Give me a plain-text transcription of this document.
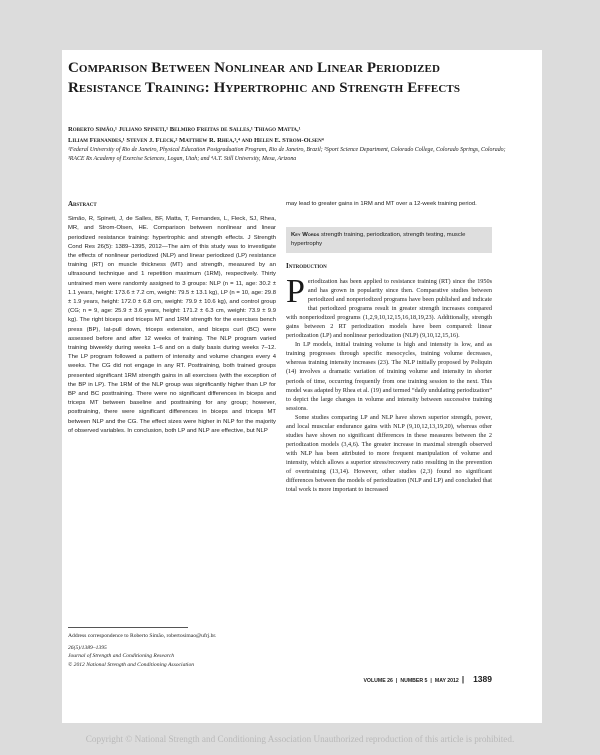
Comparison Between Nonlinear and Linear Periodized Resistance Training: Hypertrophic and Strength Effects
Roberto Simão,¹ Juliano Spineti,¹ Belmiro Freitas de Salles,¹ Thiago Matta,¹
Liliam Fernandes,¹ Steven J. Fleck,² Matthew R. Rhea,³,⁴ and Helen E. Strom-Olsen⁴
¹Federal University of Rio de Janeiro, Physical Education Postgraduation Program, Rio de Janeiro, Brazil; ²Sport Science Department, Colorado College, Colorado Springs, Colorado; ³RACE Rx Academy of Exercise Sciences, Logan, Utah; and ⁴A.T. Still University, Mesa, Arizona
Abstract

Simão, R, Spineti, J, de Salles, BF, Matta, T, Fernandes, L, Fleck, SJ, Rhea, MR, and Strom-Olsen, HE. Comparison between nonlinear and linear periodized resistance training: hypertrophic and strength effects. J Strength Cond Res 26(5): 1389–1395, 2012—The aim of this study was to investigate the effects of nonlinear periodized (NLP) and linear periodized (LP) resistance training (RT) on muscle thickness (MT) and strength, measured by an ultrasound technique and 1 repetition maximum (1RM), respectively. Thirty untrained men were randomly assigned to 3 groups: NLP (n = 11, age: 30.2 ± 1.1 years, height: 173.6 ± 7.2 cm, weight: 79.5 ± 13.1 kg), LP (n = 10, age: 29.8 ± 1.9 years, height: 172.0 ± 6.8 cm, weight: 79.9 ± 10.6 kg), and control group (CG; n = 9, age: 25.9 ± 3.6 years, height: 171.2 ± 6.3 cm, weight: 73.9 ± 9.9 kg). The right biceps and triceps MT and 1RM strength for the exercises bench press (BP), lat-pull down, triceps extension, and biceps curl (BC) were assessed before and after 12 weeks of training. The NLP program varied training biweekly during weeks 1–6 and on a daily basis during weeks 7–12. The LP program followed a pattern of intensity and volume changes every 4 weeks. The CG did not engage in any RT. Posttraining, both trained groups presented significant 1RM strength gains in all exercises (with the exception of the BP in LP). The 1RM of the NLP group was significantly higher than LP for BP and BC posttraining. There were no significant differences in biceps and triceps MT between baseline and posttraining for any group; however, posttraining, there were significant differences in biceps and triceps MT between NLP and the CG. The effect sizes were higher in NLP for the majority of observed variables. In conclusion, both LP and NLP are effective, but NLP

may lead to greater gains in 1RM and MT over a 12-week training period.
Key Words strength training, periodization, strength testing, muscle hypertrophy
Introduction

Periodization has been applied to resistance training (RT) since the 1950s and has grown in popularity since then. Comparative studies between periodized and nonperiodized programs have been published and indicate that periodized programs result in greater strength increases compared with nonperiodized programs (1,2,9,10,12,15,16,18,19,23). Additionally, strength gains between 2 RT periodization models have been compared: linear periodization (LP) and nonlinear periodization (NLP) (9,10,12,15,16).

In LP models, initial training volume is high and intensity is low, and as training progresses through specific mesocycles, training volume decreases, whereas training intensity increases (23). The NLP initially proposed by Poliquin (14) involves a dramatic variation of training volume and intensity in shorter periods of time, occurring frequently from one training session to the next. This model was adapted by Rhea et al. (19) and termed “daily undulating periodization” to depict the large changes in volume and intensity between successive training sessions.

Some studies comparing LP and NLP have shown superior strength, power, and local muscular endurance gains with NLP (9,10,12,13,19,20), whereas other studies have shown no significant differences in these measures between the 2 periodization models (3,4,6). The greater increase in maximal strength observed with NLP has been attributed to more frequent manipulation of volume and intensity, which allows a superior stress/recovery ratio resulting in the prevention of overtraining (13,14). However, other studies (2,3) found no significant differences between the models of periodization (NLP and LP) and concluded that total work is more important to increased

Address correspondence to Roberto Simão, robertosimao@ufrj.br.
26(5)/1389–1395
Journal of Strength and Conditioning Research
© 2012 National Strength and Conditioning Association
VOLUME 26 | NUMBER 5 | MAY 2012 | 1389
Copyright © National Strength and Conditioning Association Unauthorized reproduction of this article is prohibited.
